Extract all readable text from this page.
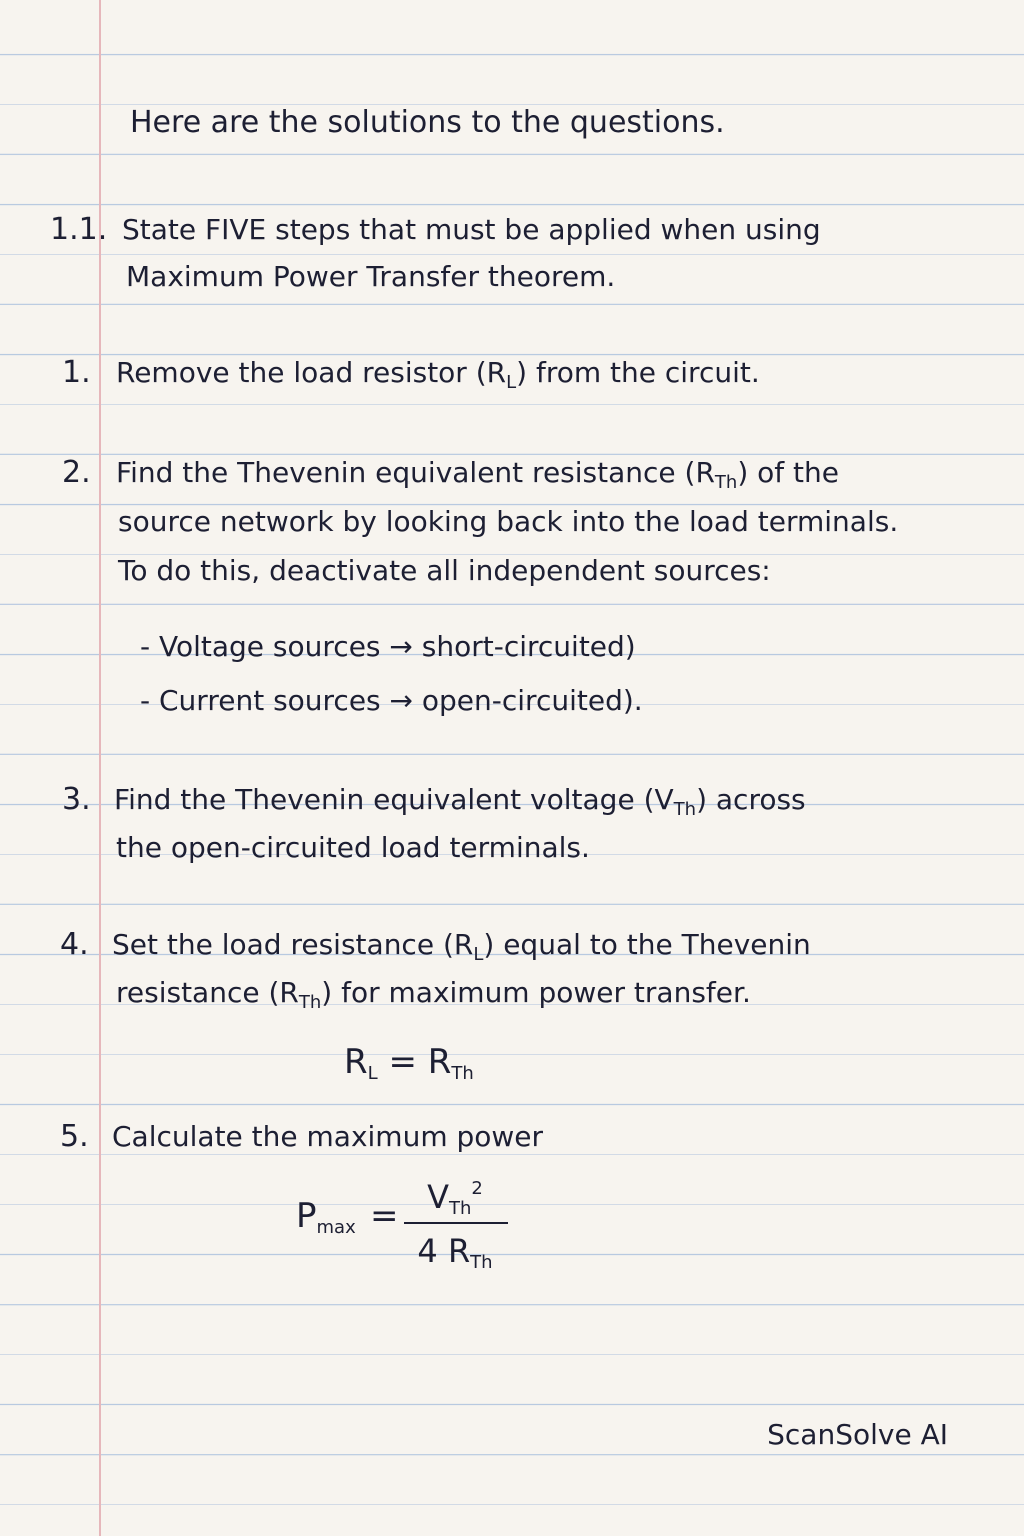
Here are the solutions to the questions.
1.1. State FIVE steps that must be applied when using
Maximum Power Transfer theorem.
1. Remove the load resistor $(R_L)$ from the circuit.
2. Find the Thevenin equivalent resistance $(R_{Th})$ of the
source network by looking back into the load terminals.
To do this, deactivate all independent sources:
- Voltage sources → short-circuited)
- Current sources → open-circuited).
3. Find the Thevenin equivalent voltage $(V_{Th})$ across
the open-circuited load terminals.
4. Set the load resistance $(R_L)$ equal to the Thevenin
resistance $(R_{Th})$ for maximum power transfer.
$R_L = R_{Th}$
5. Calculate the maximum power
$P_{max} = V_{Th}^2$
4 $R_{Th}$
ScanSolve AI
